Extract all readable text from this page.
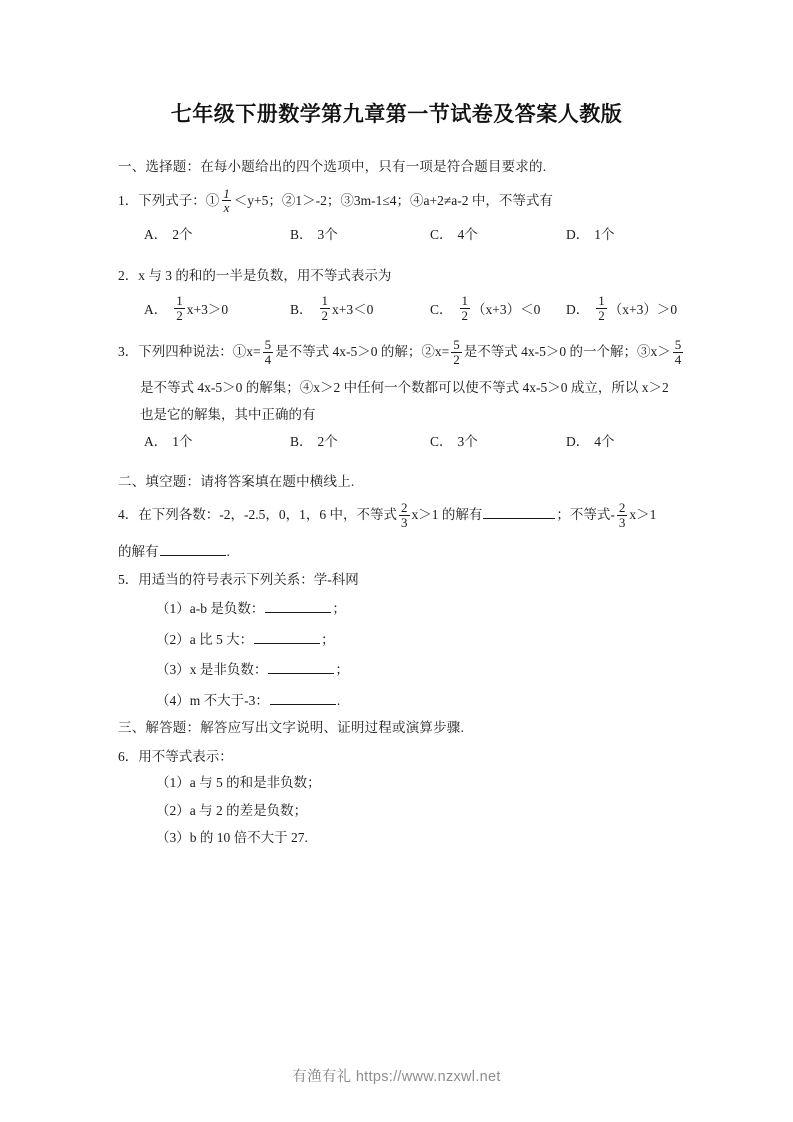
七年级下册数学第九章第一节试卷及答案人教版
一、选择题：在每小题给出的四个选项中，只有一项是符合题目要求的.
1．下列式子：① $\frac{1}{x} <y+5$；②1＞-2；③3m-1≤4；④a+2≠a-2 中，不等式有
A． 2个	B． 3个	C． 4个	D． 1个
2．x 与 3 的和的一半是负数，用不等式表示为
A． $\frac{1}{2} x+3>0$	B． $\frac{1}{2} x+3<0$	C． $\frac{1}{2} (x+3)<0$ D． $\frac{1}{2} (x+3)>0$
3．下列四种说法：①x= $\frac{5}{4}$ 是不等式 4x-5＞0 的解；②x= $\frac{5}{2}$ 是不等式 4x-5＞0 的一个解；③x＞ $\frac{5}{4}$
是不等式 4x-5＞0 的解集；④x＞2 中任何一个数都可以使不等式 4x-5＞0 成立，所以 x＞2
也是它的解集，其中正确的有
A． 1个	B． 2个	C． 3个	D． 4个
二、填空题：请将答案填在题中横线上.
4．在下列各数：-2，-2.5，0，1，6 中，不等式 $\frac{2}{3} x>1$ 的解有	；不等式- $\frac{2}{3} x>1$
的解有	.
5．用适当的符号表示下列关系：学-科网
（1）a-b 是负数：	；
（2）a 比 5 大：	；
（3）x 是非负数：	；
（4）m 不大于-3：	.
三、解答题：解答应写出文字说明、证明过程或演算步骤.
6．用不等式表示：
（1）a 与 5 的和是非负数；
（2）a 与 2 的差是负数；
（3）b 的 10 倍不大于 27.
有渔有礼 https://www.nzxwl.net
